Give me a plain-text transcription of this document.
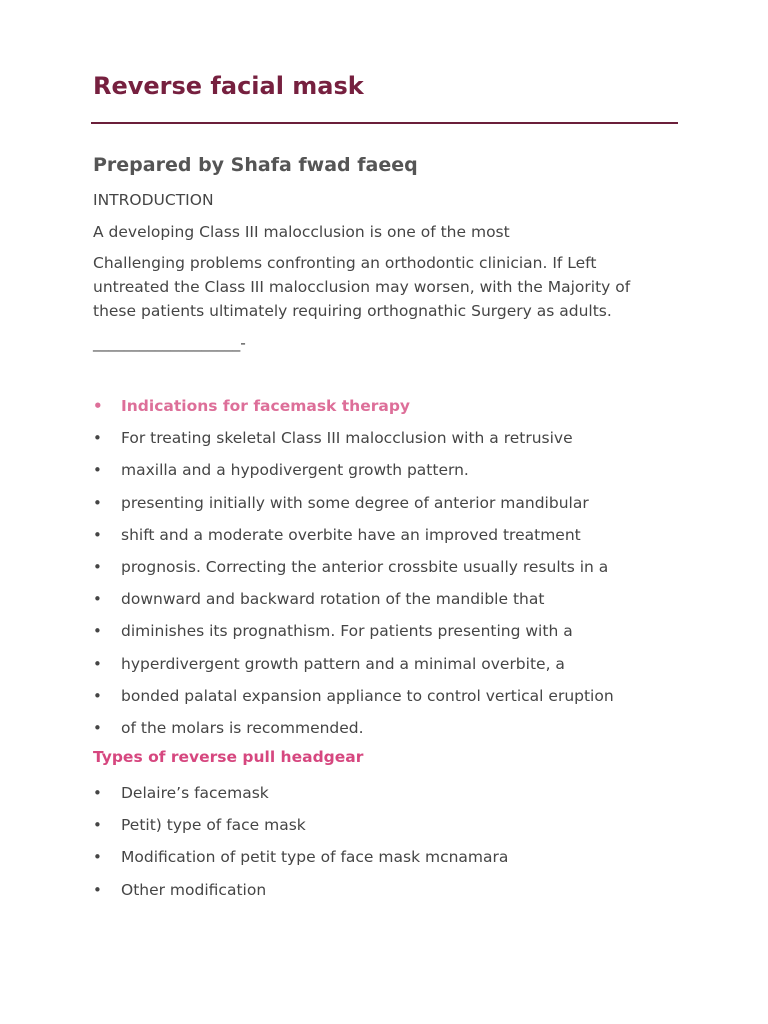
Reverse facial mask
Prepared by Shafa fwad faeeq
INTRODUCTION
A developing Class III malocclusion is one of the most
Challenging problems confronting an orthodontic clinician. If Left
untreated the Class III malocclusion may worsen, with the Majority of
these patients ultimately requiring orthognathic Surgery as adults.
___________________-
• Indications for facemask therapy
• For treating skeletal Class III malocclusion with a retrusive
• maxilla and a hypodivergent growth pattern.
• presenting initially with some degree of anterior mandibular
• shift and a moderate overbite have an improved treatment
• prognosis. Correcting the anterior crossbite usually results in a
• downward and backward rotation of the mandible that
• diminishes its prognathism. For patients presenting with a
• hyperdivergent growth pattern and a minimal overbite, a
• bonded palatal expansion appliance to control vertical eruption
• of the molars is recommended.
Types of reverse pull headgear
• Delaire’s facemask
• Petit) type of face mask
• Modification of petit type of face mask mcnamara
• Other modification
